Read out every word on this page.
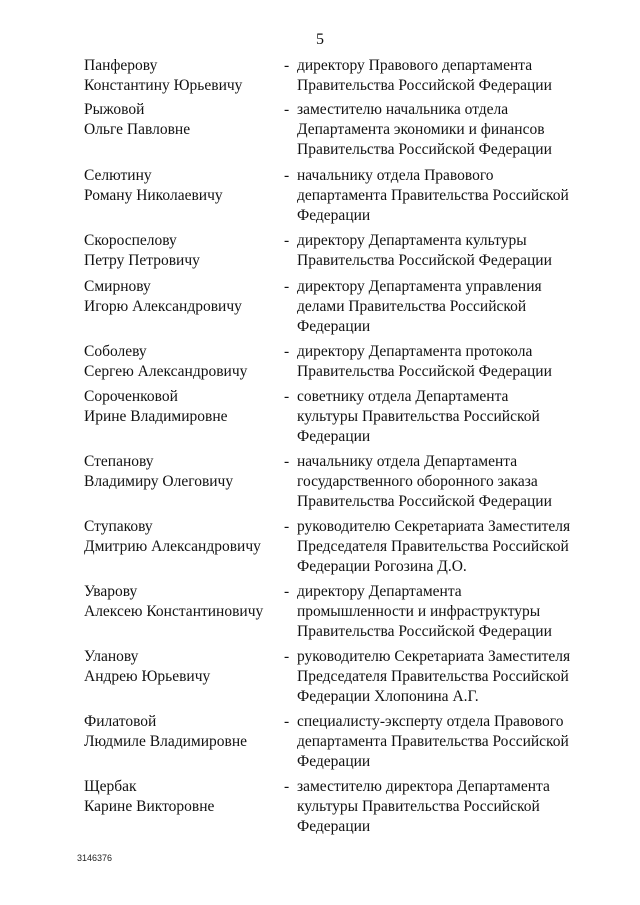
5
Панферову
Константину Юрьевичу
- директору Правового департамента
Правительства Российской Федерации
Рыжовой
Ольге Павловне
- заместителю начальника отдела
Департамента экономики и финансов
Правительства Российской Федерации
Селютину
Роману Николаевичу
- начальнику отдела Правового
департамента Правительства Российской
Федерации
Скороспелову
Петру Петровичу
- директору Департамента культуры
Правительства Российской Федерации
Смирнову
Игорю Александровичу
- директору Департамента управления
делами Правительства Российской
Федерации
Соболеву
Сергею Александровичу
- директору Департамента протокола
Правительства Российской Федерации
Сороченковой
Ирине Владимировне
- советнику отдела Департамента
культуры Правительства Российской
Федерации
Степанову
Владимиру Олеговичу
- начальнику отдела Департамента
государственного оборонного заказа
Правительства Российской Федерации
Ступакову
Дмитрию Александровичу
- руководителю Секретариата Заместителя
Председателя Правительства Российской
Федерации Рогозина Д.О.
Уварову
Алексею Константиновичу
- директору Департамента
промышленности и инфраструктуры
Правительства Российской Федерации
Уланову
Андрею Юрьевичу
- руководителю Секретариата Заместителя
Председателя Правительства Российской
Федерации Хлопонина А.Г.
Филатовой
Людмиле Владимировне
- специалисту-эксперту отдела Правового
департамента Правительства Российской
Федерации
Щербак
Карине Викторовне
- заместителю директора Департамента
культуры Правительства Российской
Федерации
3146376
